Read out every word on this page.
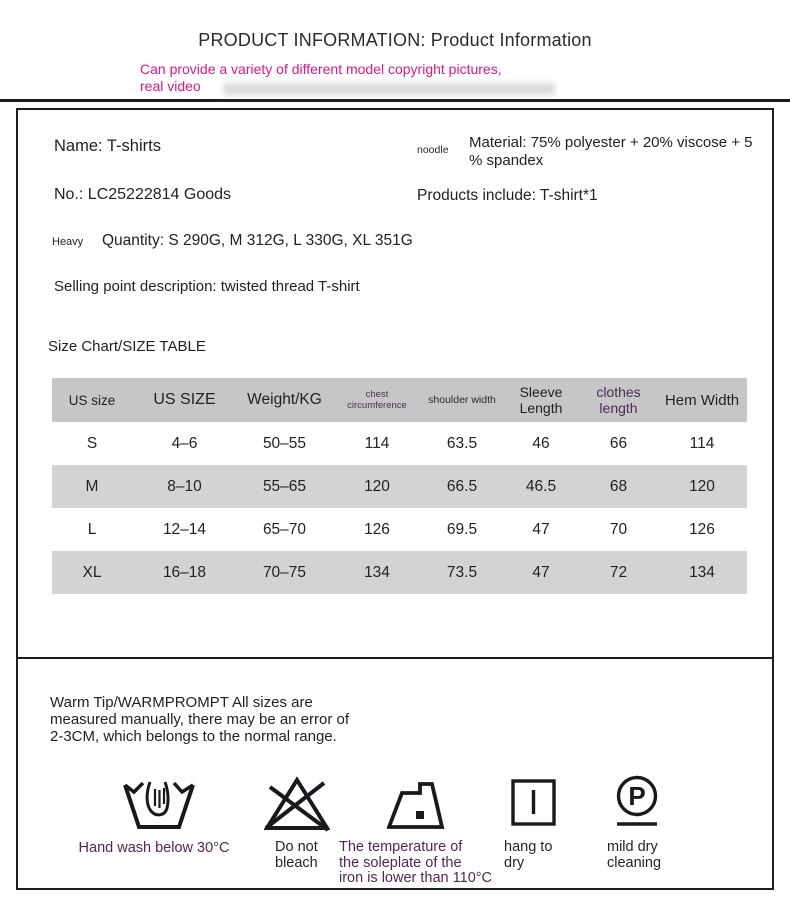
PRODUCT INFORMATION: Product Information
Can provide a variety of different model copyright pictures,
real video
Name: T-shirts	noodle Material: 75% polyester + 20% viscose + 5
% spandex
No.: LC25222814 Goods	Products include: T-shirt*1
Heavy Quantity: S 290G, M 312G, L 330G, XL 351G
Selling point description: twisted thread T-shirt
Size Chart/SIZE TABLE
US size	US SIZE	Weight/KG	chest circumference	shoulder width	Sleeve Length	clothes length	Hem Width
S	4–6	50–55	114	63.5	46	66	114
M	8–10	55–65	120	66.5	46.5	68	120
L	12–14	65–70	126	69.5	47	70	126
XL	16–18	70–75	134	73.5	47	72	134
Warm Tip/WARMPROMPT All sizes are
measured manually, there may be an error of
2-3CM, which belongs to the normal range.
Hand wash below 30°C	Do not
bleach
The temperature of
the soleplate of the
iron is lower than 110°C
hang to
dry
P
mild dry
cleaning
